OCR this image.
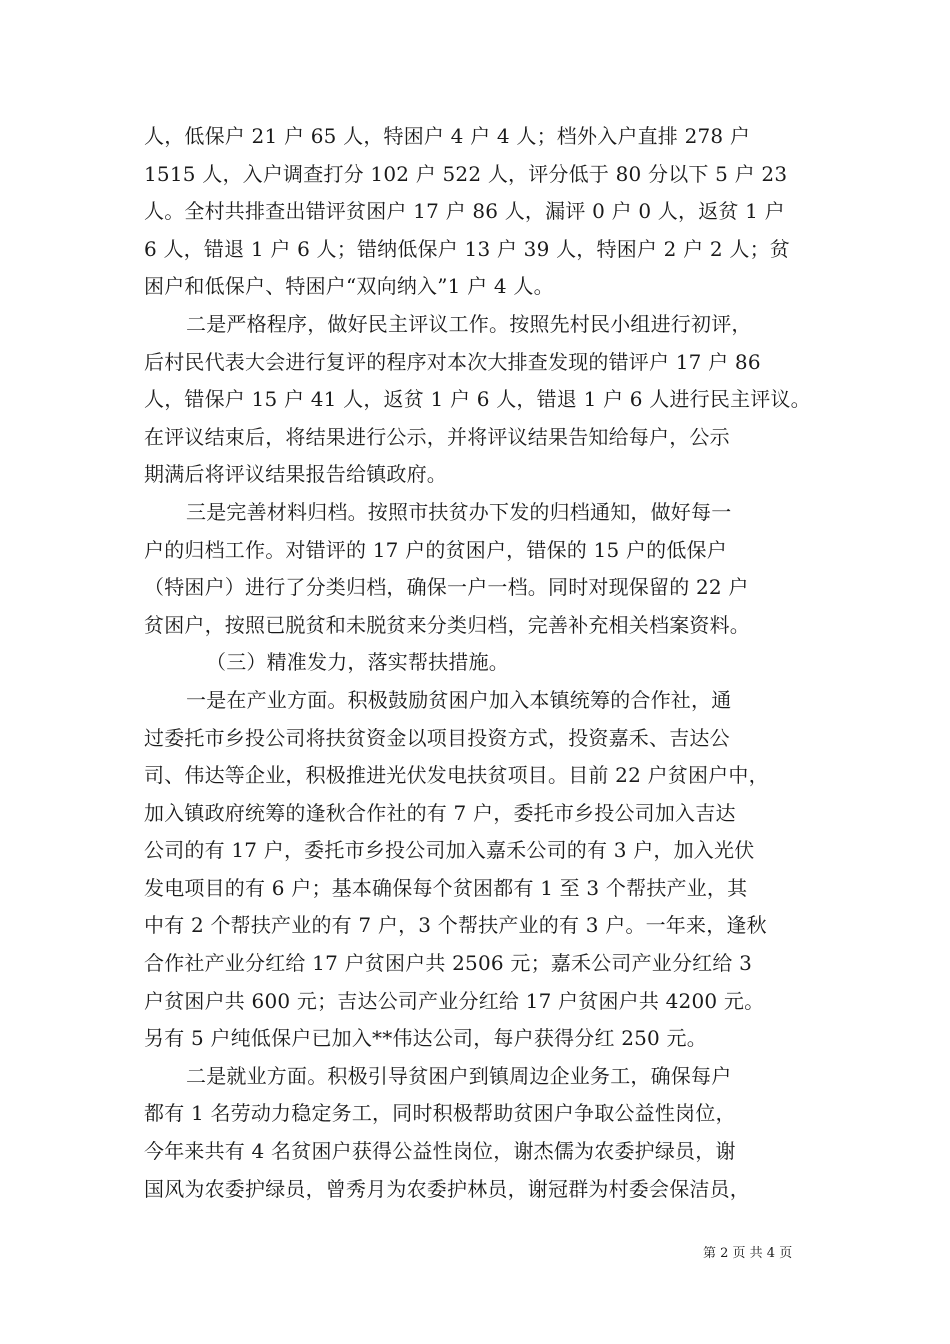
人，低保户 21 户 65 人，特困户 4 户 4 人；档外入户直排 278 户
1515 人，入户调查打分 102 户 522 人，评分低于 80 分以下 5 户 23
人。全村共排查出错评贫困户 17 户 86 人，漏评 0 户 0 人，返贫 1 户
6 人，错退 1 户 6 人；错纳低保户 13 户 39 人，特困户 2 户 2 人；贫
困户和低保户、特困户“双向纳入”1 户 4 人。
二是严格程序，做好民主评议工作。按照先村民小组进行初评，
后村民代表大会进行复评的程序对本次大排查发现的错评户 17 户 86
人，错保户 15 户 41 人，返贫 1 户 6 人，错退 1 户 6 人进行民主评议。
在评议结束后，将结果进行公示，并将评议结果告知给每户，公示
期满后将评议结果报告给镇政府。
三是完善材料归档。按照市扶贫办下发的归档通知，做好每一
户的归档工作。对错评的 17 户的贫困户，错保的 15 户的低保户
（特困户）进行了分类归档，确保一户一档。同时对现保留的 22 户
贫困户，按照已脱贫和未脱贫来分类归档，完善补充相关档案资料。
（三）精准发力，落实帮扶措施。
一是在产业方面。积极鼓励贫困户加入本镇统筹的合作社，通
过委托市乡投公司将扶贫资金以项目投资方式，投资嘉禾、吉达公
司、伟达等企业，积极推进光伏发电扶贫项目。目前 22 户贫困户中，
加入镇政府统筹的逢秋合作社的有 7 户，委托市乡投公司加入吉达
公司的有 17 户，委托市乡投公司加入嘉禾公司的有 3 户，加入光伏
发电项目的有 6 户；基本确保每个贫困都有 1 至 3 个帮扶产业，其
中有 2 个帮扶产业的有 7 户，3 个帮扶产业的有 3 户。一年来，逢秋
合作社产业分红给 17 户贫困户共 2506 元；嘉禾公司产业分红给 3
户贫困户共 600 元；吉达公司产业分红给 17 户贫困户共 4200 元。
另有 5 户纯低保户已加入**伟达公司，每户获得分红 250 元。
二是就业方面。积极引导贫困户到镇周边企业务工，确保每户
都有 1 名劳动力稳定务工，同时积极帮助贫困户争取公益性岗位，
今年来共有 4 名贫困户获得公益性岗位，谢杰儒为农委护绿员，谢
国风为农委护绿员，曾秀月为农委护林员，谢冠群为村委会保洁员，
第 2 页 共 4 页
